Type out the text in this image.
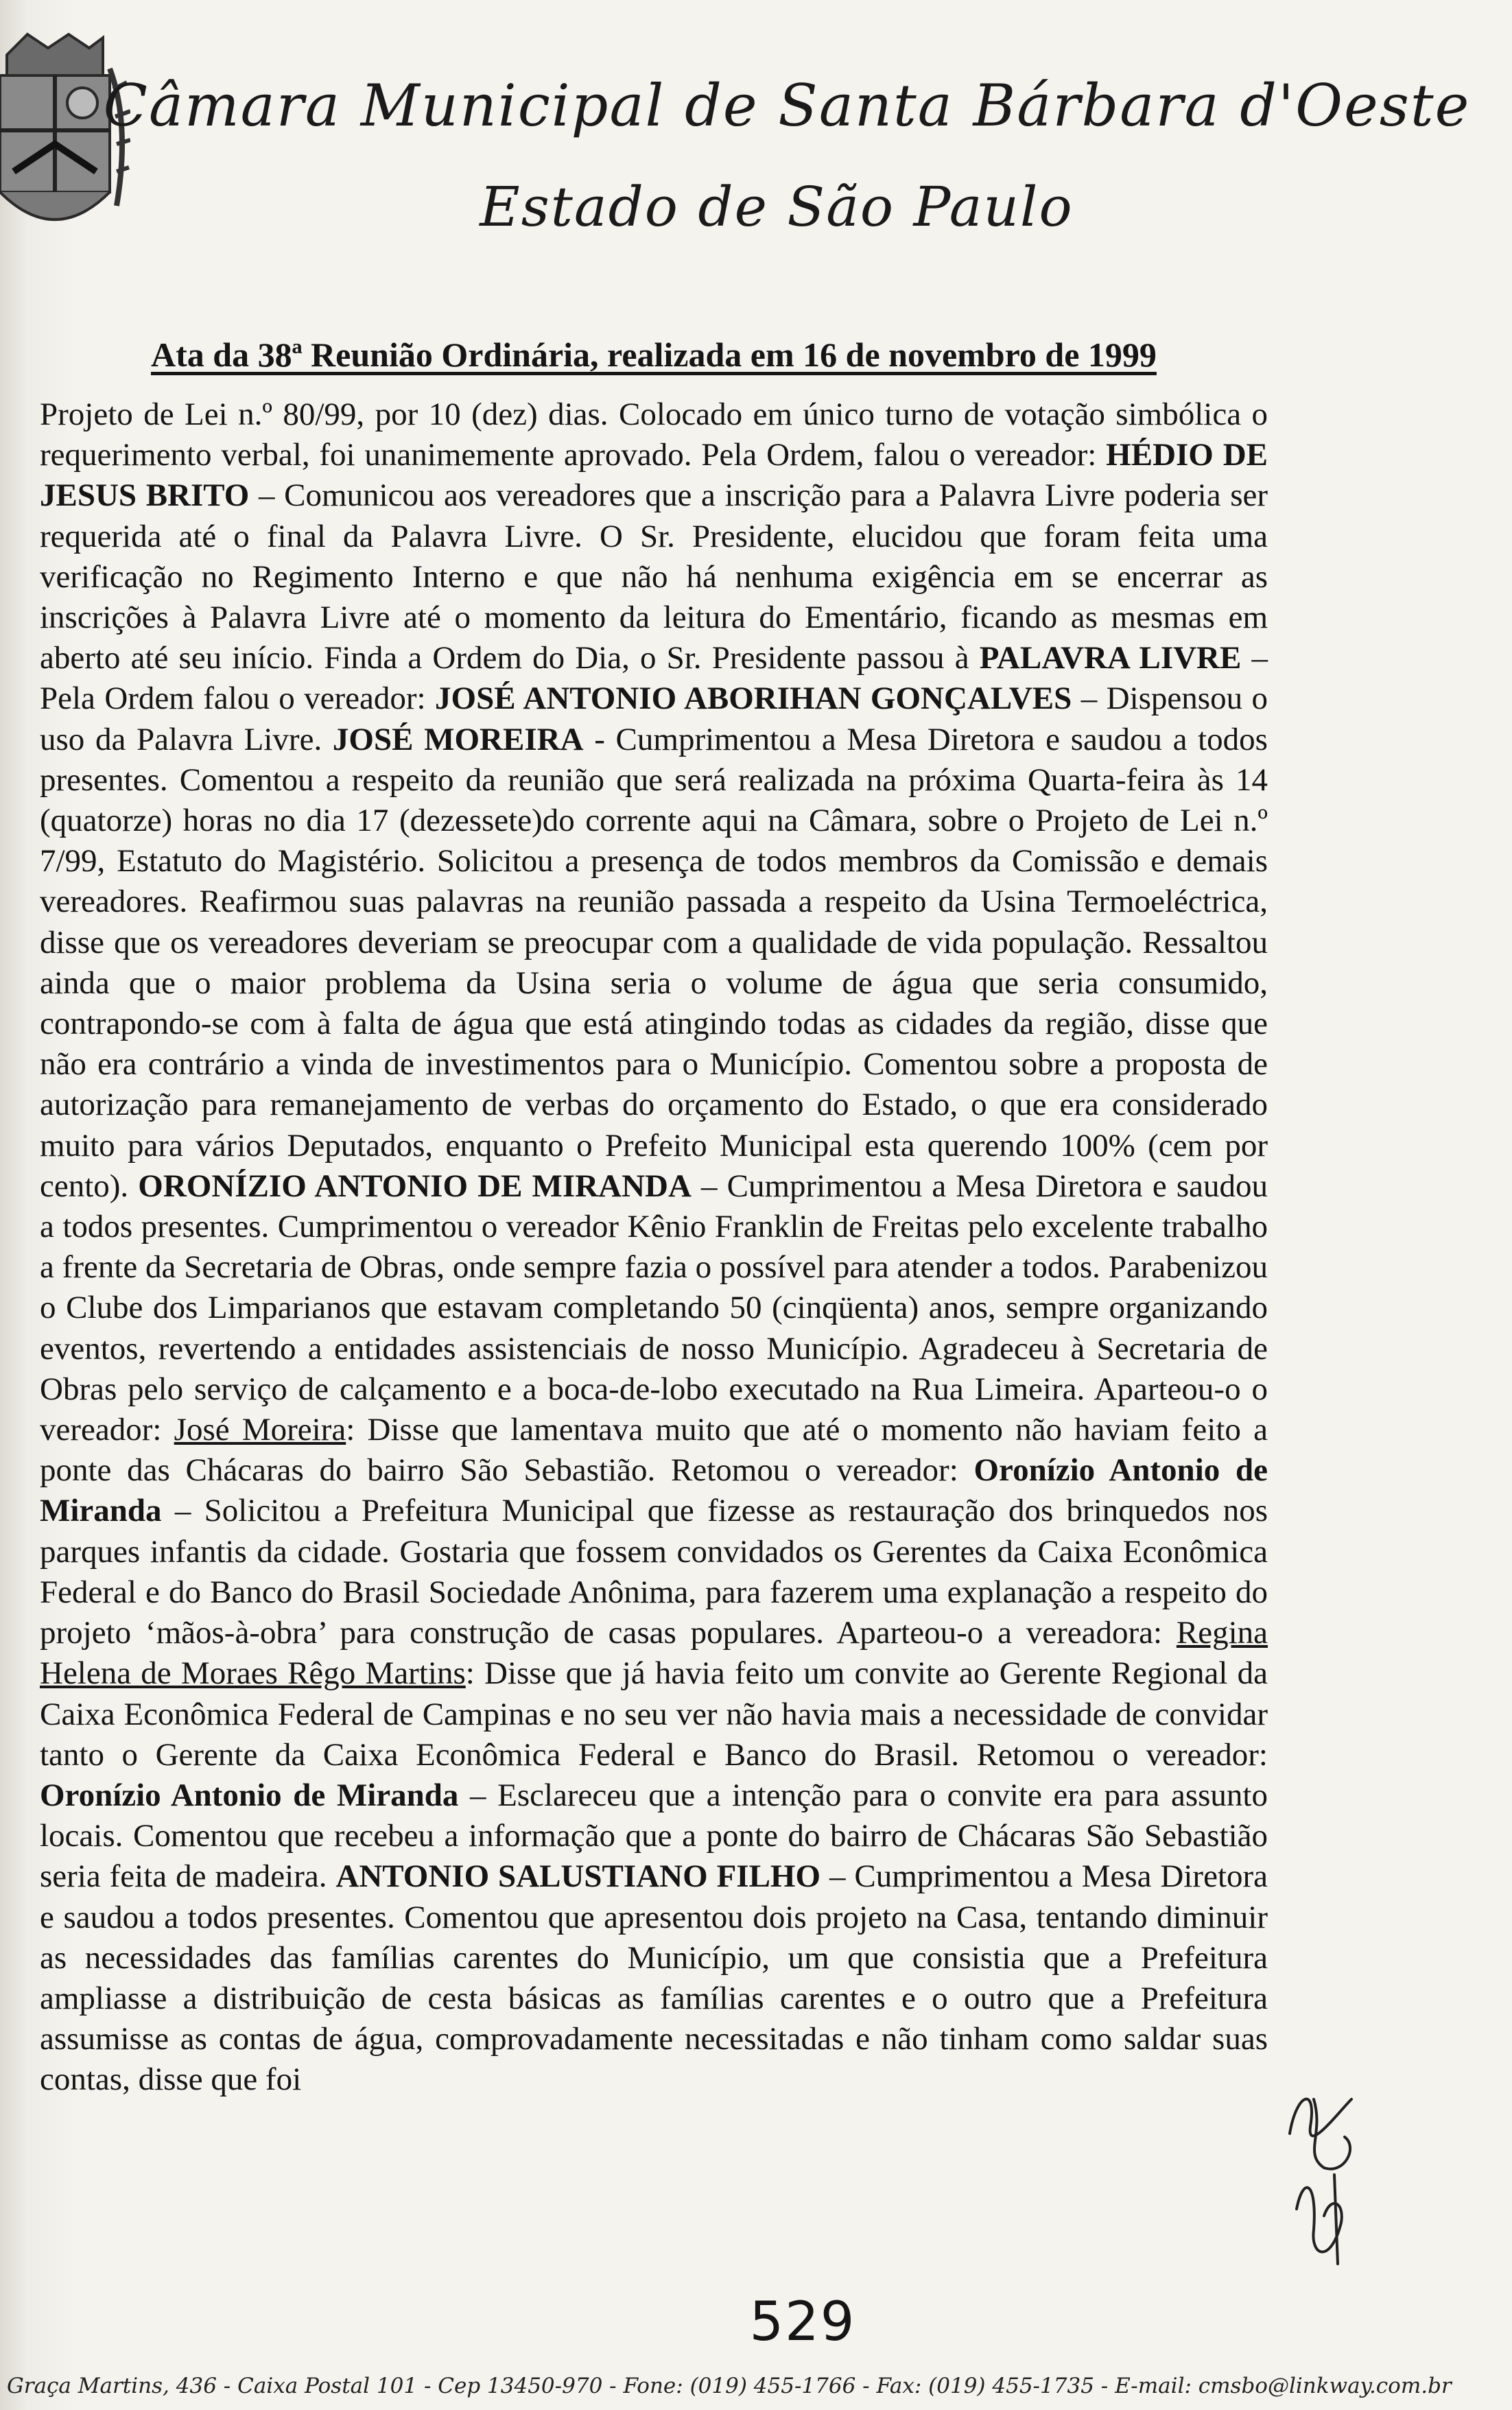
Câmara Municipal de Santa Bárbara d'Oeste
Estado de São Paulo
Ata da 38ª Reunião Ordinária, realizada em 16 de novembro de 1999

Projeto de Lei n.º 80/99, por 10 (dez) dias. Colocado em único turno de votação simbólica o requerimento verbal, foi unanimemente aprovado. Pela Ordem, falou o vereador: HÉDIO DE JESUS BRITO – Comunicou aos vereadores que a inscrição para a Palavra Livre poderia ser requerida até o final da Palavra Livre. O Sr. Presidente, elucidou que foram feita uma verificação no Regimento Interno e que não há nenhuma exigência em se encerrar as inscrições à Palavra Livre até o momento da leitura do Ementário, ficando as mesmas em aberto até seu início. Finda a Ordem do Dia, o Sr. Presidente passou à PALAVRA LIVRE – Pela Ordem falou o vereador: JOSÉ ANTONIO ABORIHAN GONÇALVES – Dispensou o uso da Palavra Livre. JOSÉ MOREIRA - Cumprimentou a Mesa Diretora e saudou a todos presentes. Comentou a respeito da reunião que será realizada na próxima Quarta-feira às 14 (quatorze) horas no dia 17 (dezessete)do corrente aqui na Câmara, sobre o Projeto de Lei n.º 7/99, Estatuto do Magistério. Solicitou a presença de todos membros da Comissão e demais vereadores. Reafirmou suas palavras na reunião passada a respeito da Usina Termoeléctrica, disse que os vereadores deveriam se preocupar com a qualidade de vida população. Ressaltou ainda que o maior problema da Usina seria o volume de água que seria consumido, contrapondo-se com à falta de água que está atingindo todas as cidades da região, disse que não era contrário a vinda de investimentos para o Município. Comentou sobre a proposta de autorização para remanejamento de verbas do orçamento do Estado, o que era considerado muito para vários Deputados, enquanto o Prefeito Municipal esta querendo 100% (cem por cento). ORONÍZIO ANTONIO DE MIRANDA – Cumprimentou a Mesa Diretora e saudou a todos presentes. Cumprimentou o vereador Kênio Franklin de Freitas pelo excelente trabalho a frente da Secretaria de Obras, onde sempre fazia o possível para atender a todos. Parabenizou o Clube dos Limparianos que estavam completando 50 (cinqüenta) anos, sempre organizando eventos, revertendo a entidades assistenciais de nosso Município. Agradeceu à Secretaria de Obras pelo serviço de calçamento e a boca-de-lobo executado na Rua Limeira. Aparteou-o o vereador: José Moreira: Disse que lamentava muito que até o momento não haviam feito a ponte das Chácaras do bairro São Sebastião. Retomou o vereador: Oronízio Antonio de Miranda – Solicitou a Prefeitura Municipal que fizesse as restauração dos brinquedos nos parques infantis da cidade. Gostaria que fossem convidados os Gerentes da Caixa Econômica Federal e do Banco do Brasil Sociedade Anônima, para fazerem uma explanação a respeito do projeto ‘mãos-à-obra’ para construção de casas populares. Aparteou-o a vereadora: Regina Helena de Moraes Rêgo Martins: Disse que já havia feito um convite ao Gerente Regional da Caixa Econômica Federal de Campinas e no seu ver não havia mais a necessidade de convidar tanto o Gerente da Caixa Econômica Federal e Banco do Brasil. Retomou o vereador: Oronízio Antonio de Miranda – Esclareceu que a intenção para o convite era para assunto locais. Comentou que recebeu a informação que a ponte do bairro de Chácaras São Sebastião seria feita de madeira. ANTONIO SALUSTIANO FILHO – Cumprimentou a Mesa Diretora e saudou a todos presentes. Comentou que apresentou dois projeto na Casa, tentando diminuir as necessidades das famílias carentes do Município, um que consistia que a Prefeitura ampliasse a distribuição de cesta básicas as famílias carentes e o outro que a Prefeitura assumisse as contas de água, comprovadamente necessitadas e não tinham como saldar suas contas, disse que foi

529
Graça Martins, 436 - Caixa Postal 101 - Cep 13450-970 - Fone: (019) 455-1766 - Fax: (019) 455-1735 - E-mail: cmsbo@linkway.com.br
